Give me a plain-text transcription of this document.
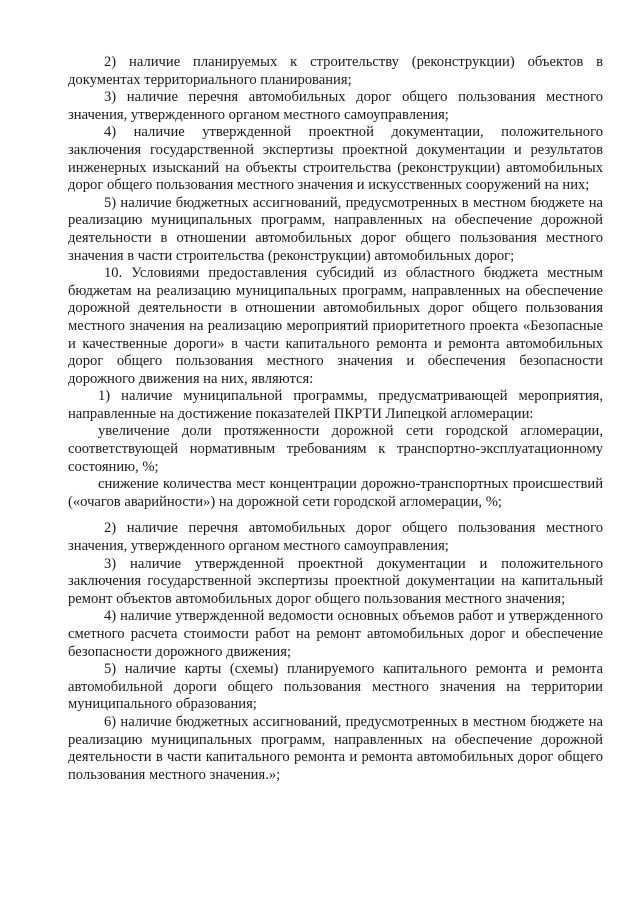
2) наличие планируемых к строительству (реконструкции) объектов в документах территориального планирования;

3) наличие перечня автомобильных дорог общего пользования местного значения, утвержденного органом местного самоуправления;

4) наличие утвержденной проектной документации, положительного заключения государственной экспертизы проектной документации и результатов инженерных изысканий на объекты строительства (реконструкции) автомобильных дорог общего пользования местного значения и искусственных сооружений на них;

5) наличие бюджетных ассигнований, предусмотренных в местном бюджете на реализацию муниципальных программ, направленных на обеспечение дорожной деятельности в отношении автомобильных дорог общего пользования местного значения в части строительства (реконструкции) автомобильных дорог;

10. Условиями предоставления субсидий из областного бюджета местным бюджетам на реализацию муниципальных программ, направленных на обеспечение дорожной деятельности в отношении автомобильных дорог общего пользования местного значения на реализацию мероприятий приоритетного проекта «Безопасные и качественные дороги» в части капитального ремонта и ремонта автомобильных дорог общего пользования местного значения и обеспечения безопасности дорожного движения на них, являются:

1) наличие муниципальной программы, предусматривающей мероприятия, направленные на достижение показателей ПКРТИ Липецкой агломерации:

увеличение доли протяженности дорожной сети городской агломерации, соответствующей нормативным требованиям к транспортно-эксплуатационному состоянию, %;

снижение количества мест концентрации дорожно-транспортных происшествий («очагов аварийности») на дорожной сети городской агломерации, %;

2) наличие перечня автомобильных дорог общего пользования местного значения, утвержденного органом местного самоуправления;

3) наличие утвержденной проектной документации и положительного заключения государственной экспертизы проектной документации на капитальный ремонт объектов автомобильных дорог общего пользования местного значения;

4) наличие утвержденной ведомости основных объемов работ и утвержденного сметного расчета стоимости работ на ремонт автомобильных дорог и обеспечение безопасности дорожного движения;

5) наличие карты (схемы) планируемого капитального ремонта и ремонта автомобильной дороги общего пользования местного значения на территории муниципального образования;

6) наличие бюджетных ассигнований, предусмотренных в местном бюджете на реализацию муниципальных программ, направленных на обеспечение дорожной деятельности в части капитального ремонта и ремонта автомобильных дорог общего пользования местного значения.»;
